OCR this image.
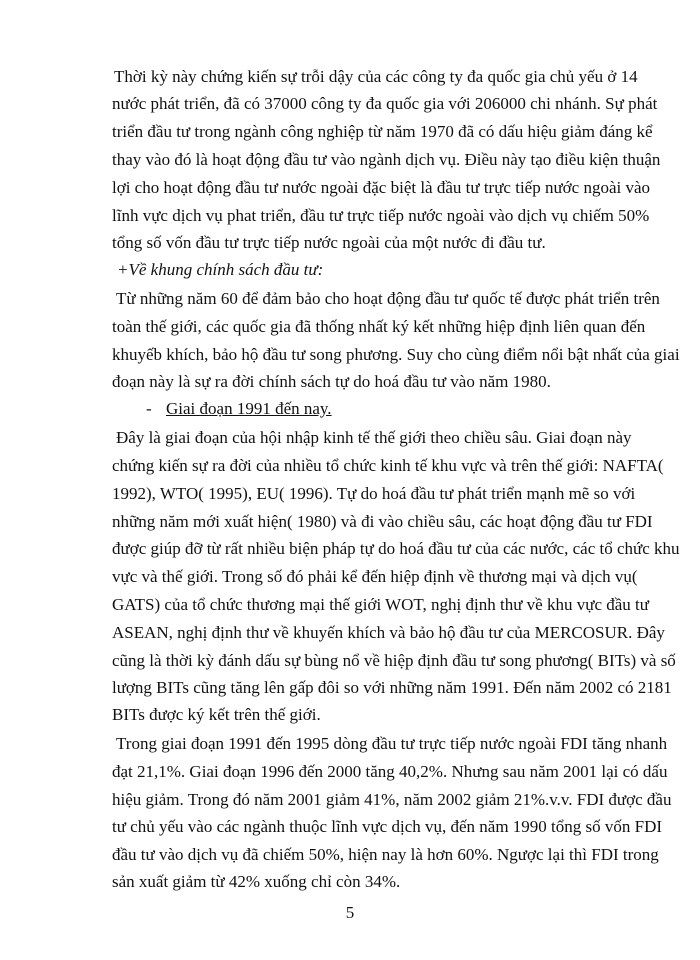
Thời kỳ này chứng kiến sự trỗi dậy của các công ty đa quốc gia chủ yếu ở 14
nước phát triển, đã có 37000 công ty đa quốc gia với 206000 chi nhánh. Sự phát
triển đầu tư trong ngành công nghiệp từ năm 1970 đã có dấu hiệu giảm đáng kể
thay vào đó là hoạt động đầu tư vào ngành dịch vụ. Điều này tạo điều kiện thuận
lợi cho hoạt động đầu tư nước ngoài đặc biệt là đầu tư trực tiếp nước ngoài vào
lĩnh vực dịch vụ phat triển, đầu tư trực tiếp nước ngoài vào dịch vụ chiếm 50%
tổng số vốn đầu tư trực tiếp nước ngoài của một nước đi đầu tư.
+Về khung chính sách đầu tư:
Từ những năm 60 để đảm bảo cho hoạt động đầu tư quốc tế được phát triển trên
toàn thế giới, các quốc gia đã thống nhất ký kết những hiệp định liên quan đến
khuyếb khích, bảo hộ đầu tư song phương. Suy cho cùng điểm nổi bật nhất của giai
đoạn này là sự ra đời chính sách tự do hoá đầu tư vào năm 1980.
- Giai đoạn 1991 đến nay.
Đây là giai đoạn của hội nhập kinh tế thế giới theo chiều sâu. Giai đoạn này
chứng kiến sự ra đời của nhiều tổ chức kinh tế khu vực và trên thế giới: NAFTA(
1992), WTO( 1995), EU( 1996). Tự do hoá đầu tư phát triển mạnh mẽ so với
những năm mới xuất hiện( 1980) và đi vào chiều sâu, các hoạt động đầu tư FDI
được giúp đỡ từ rất nhiều biện pháp tự do hoá đầu tư của các nước, các tổ chức khu
vực và thế giới. Trong số đó phải kể đến hiệp định về thương mại và dịch vụ(
GATS) của tổ chức thương mại thế giới WOT, nghị định thư về khu vực đầu tư
ASEAN, nghị định thư về khuyến khích và bảo hộ đầu tư của MERCOSUR. Đây
cũng là thời kỳ đánh dấu sự bùng nổ về hiệp định đầu tư song phương( BITs) và số
lượng BITs cũng tăng lên gấp đôi so với những năm 1991. Đến năm 2002 có 2181
BITs được ký kết trên thế giới.
Trong giai đoạn 1991 đến 1995 dòng đầu tư trực tiếp nước ngoài FDI tăng nhanh
đạt 21,1%. Giai đoạn 1996 đến 2000 tăng 40,2%. Nhưng sau năm 2001 lại có dấu
hiệu giảm. Trong đó năm 2001 giảm 41%, năm 2002 giảm 21%.v.v. FDI được đầu
tư chủ yếu vào các ngành thuộc lĩnh vực dịch vụ, đến năm 1990 tổng số vốn FDI
đầu tư vào dịch vụ đã chiếm 50%, hiện nay là hơn 60%. Ngược lại thì FDI trong
sản xuất giảm từ 42% xuống chỉ còn 34%.
5
